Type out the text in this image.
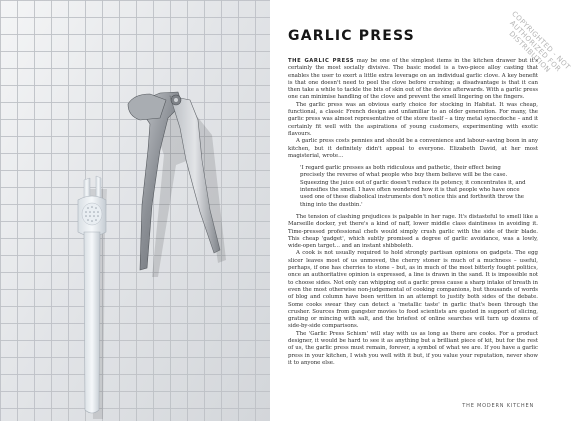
GARLIC PRESS	COPYRIGHTED - NOT AUTHORIZED FOR DISTRIBUTION

THE GARLIC PRESS may be one of the simplest items in the kitchen drawer but it's certainly the most socially divisive. The basic model is a two-piece alloy casting that enables the user to exert a little extra leverage on an individual garlic clove. A key benefit is that one doesn't need to peel the clove before crushing; a disadvantage is that it can then take a while to tackle the bits of skin out of the device afterwards. With a garlic press one can minimise handling of the clove and prevent the smell lingering on the fingers.

The garlic press was an obvious early choice for stocking in Habitat. It was cheap, functional, a classic French design and unfamiliar to an older generation. For many, the garlic press was almost representative of the store itself – a tiny metal synecdoche – and it certainly fit well with the aspirations of young customers, experimenting with exotic flavours.

A garlic press costs pennies and should be a convenience and labour-saving boon in any kitchen, but it definitely didn't appeal to everyone. Elizabeth David, at her most magisterial, wrote…

'I regard garlic presses as both ridiculous and pathetic, their effect being precisely the reverse of what people who buy them believe will be the case. Squeezing the juice out of garlic doesn't reduce its potency, it concentrates it, and intensifies the smell. I have often wondered how it is that people who have once used one of these diabolical instruments don't notice this and forthwith throw the thing into the dustbin.'

The tension of clashing prejudices is palpable in her rage. It's distasteful to smell like a Marseille docker, yet there's a kind of naff, lower middle class daintiness in avoiding it. Time-pressed professional chefs would simply crush garlic with the side of their blade. This cheap 'gadget', which subtly promised a degree of garlic avoidance, was a lowly, wide-open target… and an instant shibboleth.

A cook is not usually required to hold strongly partisan opinions on gadgets. The egg slicer leaves most of us unmoved, the cherry stoner is much of a muchness – useful, perhaps, if one has cherries to stone – but, as in much of the most bitterly fought politics, once an authoritative opinion is expressed, a line is drawn in the sand. It is impossible not to choose sides. Not only can whipping out a garlic press cause a sharp intake of breath in even the most otherwise non-judgemental of cooking companions, but thousands of words of blog and column have been written in an attempt to justify both sides of the debate. Some cooks swear they can detect a 'metallic taste' in garlic that's been through the crusher. Sources from gangster movies to food scientists are quoted in support of slicing, grating or mincing with salt, and the briefest of online searches will turn up dozens of side-by-side comparisons.

The 'Garlic Press Schism' will stay with us as long as there are cooks. For a product designer, it would be hard to see it as anything but a brilliant piece of kit, but for the rest of us, the garlic press must remain, forever, a symbol of what we are. If you have a garlic press in your kitchen, I wish you well with it but, if you value your reputation, never show it to anyone else.

THE MODERN KITCHEN
